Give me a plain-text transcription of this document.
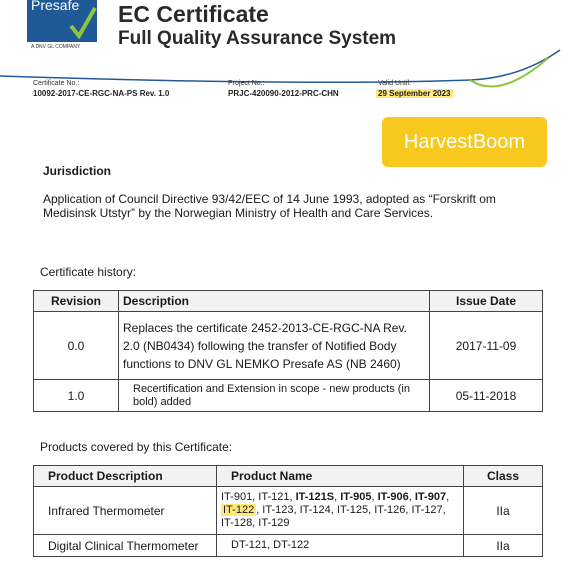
Presafe
A DNV GL COMPANY
EC Certificate
Full Quality Assurance System
Certificate No.:
10092-2017-CE-RGC-NA-PS Rev. 1.0
Project No.:
PRJC-420090-2012-PRC-CHN
Valid Until:
29 September 2023
HarvestBoom
Jurisdiction
Application of Council Directive 93/42/EEC of 14 June 1993, adopted as “Forskrift om Medisinsk Utstyr” by the Norwegian Ministry of Health and Care Services.
Certificate history:
Revision	Description	Issue Date
0.0	Replaces the certificate 2452-2013-CE-RGC-NA Rev. 2.0 (NB0434) following the transfer of Notified Body functions to DNV GL NEMKO Presafe AS (NB 2460)	2017-11-09
1.0	Recertification and Extension in scope - new products (in bold) added	05-11-2018
Products covered by this Certificate:
Product Description	Product Name	Class
Infrared Thermometer	IT-901, IT-121, IT-121S, IT-905, IT-906, IT-907, IT-122 , IT-123, IT-124, IT-125, IT-126, IT-127, IT-128, IT-129	IIa
Digital Clinical Thermometer	DT-121, DT-122	IIa
